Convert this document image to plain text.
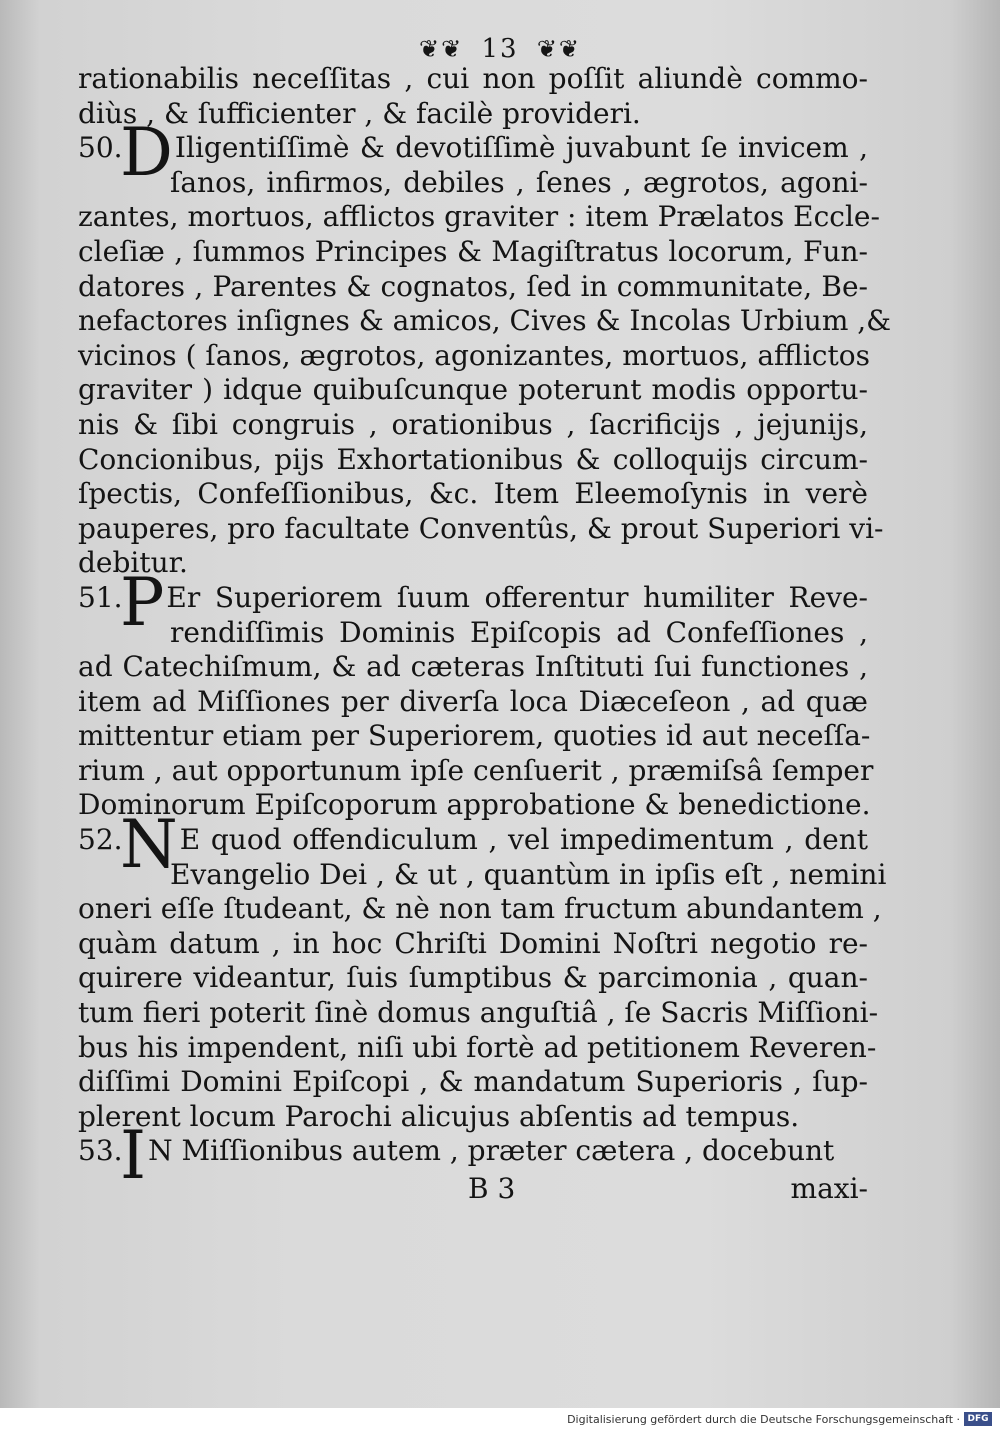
❦❦ 13 ❦❦
rationabilis neceſſitas , cui non poſſit aliundè commo-
diùs , & ſufficienter , & facilè provideri.
50.DIligentiſſimè & devotiſſimè juvabunt ſe invicem ,
ſanos, infirmos, debiles , ſenes , ægrotos, agoni-
zantes, mortuos, afflictos graviter : item Prælatos Eccle-
cleſiæ , ſummos Principes & Magiſtratus locorum, Fun-
datores , Parentes & cognatos, ſed in communitate, Be-
nefactores inſignes & amicos, Cives & Incolas Urbium ,&
vicinos ( ſanos, ægrotos, agonizantes, mortuos, afflictos
graviter ) idque quibuſcunque poterunt modis opportu-
nis & ſibi congruis , orationibus , ſacrificijs , jejunijs,
Concionibus, pijs Exhortationibus & colloquijs circum-
ſpectis, Confeſſionibus, &c. Item Eleemoſynis in verè
pauperes, pro facultate Conventûs, & prout Superiori vi-
debitur.
51.PEr Superiorem ſuum offerentur humiliter Reve-
rendiſſimis Dominis Epiſcopis ad Confeſſiones ,
ad Catechiſmum, & ad cæteras Inſtituti ſui functiones ,
item ad Miſſiones per diverſa loca Diæceſeon , ad quæ
mittentur etiam per Superiorem, quoties id aut neceſſa-
rium , aut opportunum ipſe cenſuerit , præmiſsâ ſemper
Dominorum Epiſcoporum approbatione & benedictione.
52.NE quod offendiculum , vel impedimentum , dent
Evangelio Dei , & ut , quantùm in ipſis eſt , nemini
oneri eſſe ſtudeant, & nè non tam fructum abundantem ,
quàm datum , in hoc Chriſti Domini Noſtri negotio re-
quirere videantur, ſuis ſumptibus & parcimonia , quan-
tum fieri poterit ſinè domus anguſtiâ , ſe Sacris Miſſioni-
bus his impendent, niſi ubi fortè ad petitionem Reveren-
diſſimi Domini Epiſcopi , & mandatum Superioris , ſup-
plerent locum Parochi alicujus abſentis ad tempus.
53.IN Miſſionibus autem , præter cætera , docebunt
B 3	maxi-
Digitalisierung gefördert durch die Deutsche Forschungsgemeinschaft · DFG
